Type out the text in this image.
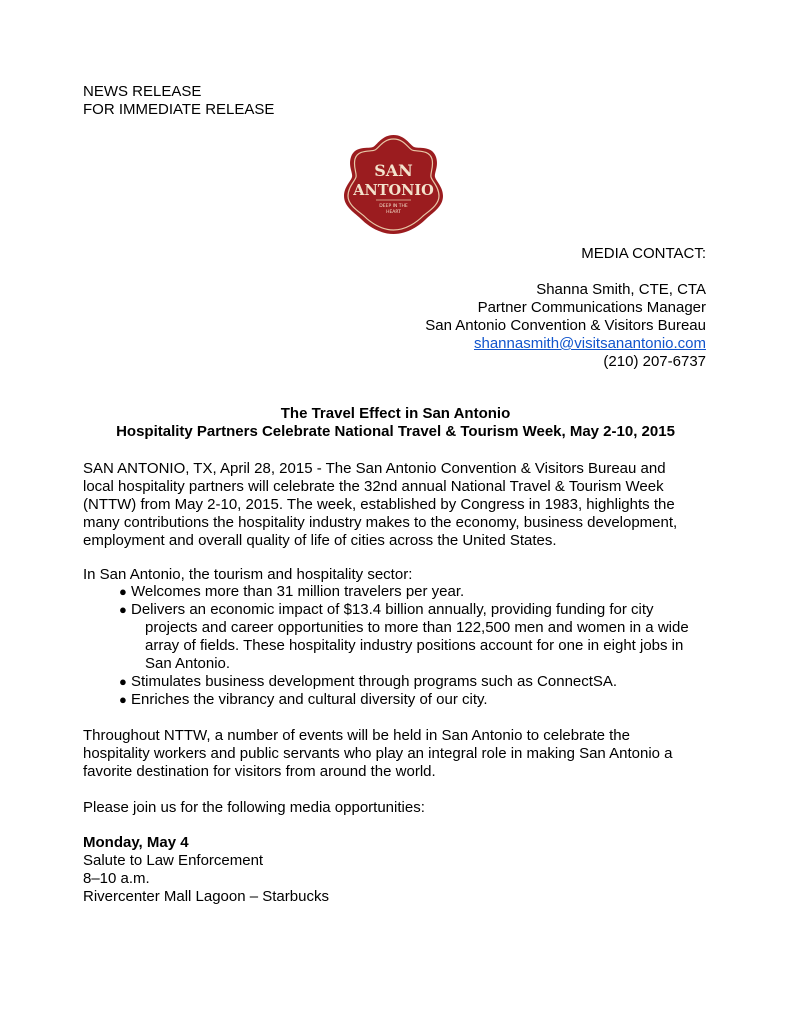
NEWS RELEASE
FOR IMMEDIATE RELEASE
SAN
ANTONIO
DEEP IN THE
HEART
MEDIA CONTACT:
Shanna Smith, CTE, CTA
Partner Communications Manager
San Antonio Convention & Visitors Bureau
shannasmith@visitsanantonio.com
(210) 207-6737
The Travel Effect in San Antonio
Hospitality Partners Celebrate National Travel & Tourism Week, May 2-10, 2015
SAN ANTONIO, TX, April 28, 2015 - The San Antonio Convention & Visitors Bureau and
local hospitality partners will celebrate the 32nd annual National Travel & Tourism Week
(NTTW) from May 2-10, 2015. The week, established by Congress in 1983, highlights the
many contributions the hospitality industry makes to the economy, business development,
employment and overall quality of life of cities across the United States.
In San Antonio, the tourism and hospitality sector:
● Welcomes more than 31 million travelers per year.
● Delivers an economic impact of $13.4 billion annually, providing funding for city
projects and career opportunities to more than 122,500 men and women in a wide
array of fields. These hospitality industry positions account for one in eight jobs in
San Antonio.
● Stimulates business development through programs such as ConnectSA.
● Enriches the vibrancy and cultural diversity of our city.
Throughout NTTW, a number of events will be held in San Antonio to celebrate the
hospitality workers and public servants who play an integral role in making San Antonio a
favorite destination for visitors from around the world.
Please join us for the following media opportunities:
Monday, May 4
Salute to Law Enforcement
8–10 a.m.
Rivercenter Mall Lagoon – Starbucks
